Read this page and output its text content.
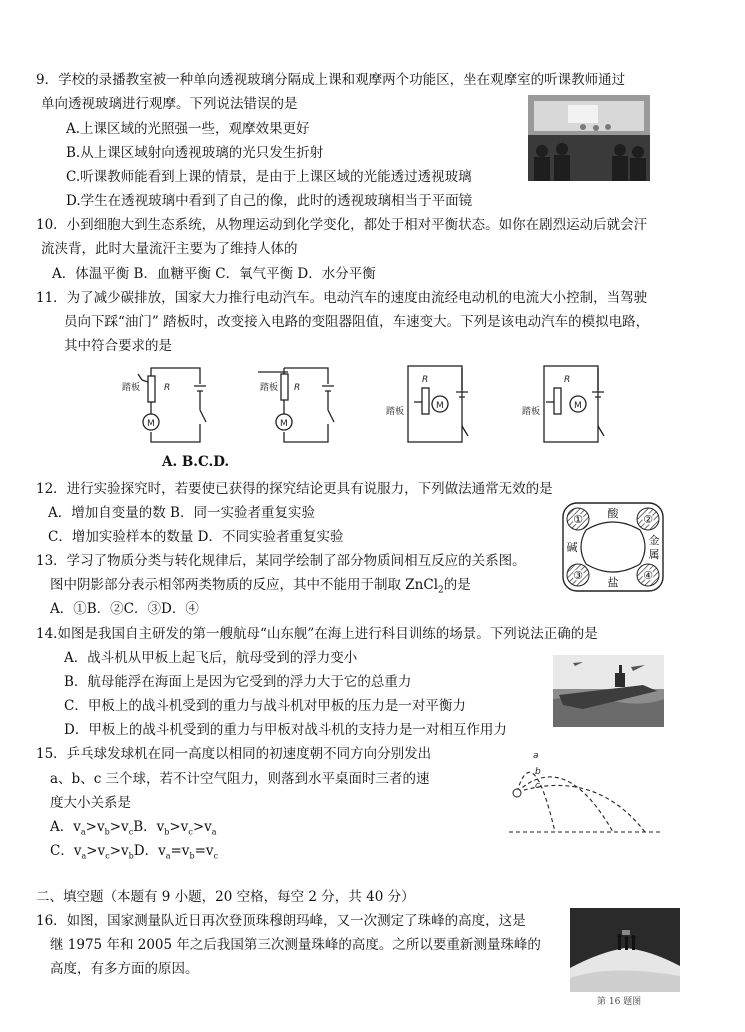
9．学校的录播教室被一种单向透视玻璃分隔成上课和观摩两个功能区，坐在观摩室的听课教师通过
单向透视玻璃进行观摩。下列说法错误的是
A.上课区域的光照强一些，观摩效果更好
B.从上课区域射向透视玻璃的光只发生折射
C.听课教师能看到上课的情景，是由于上课区域的光能透过透视玻璃
D.学生在透视玻璃中看到了自己的像，此时的透视玻璃相当于平面镜
10．小到细胞大到生态系统，从物理运动到化学变化，都处于相对平衡状态。如你在剧烈运动后就会汗
流浃背，此时大量流汗主要为了维持人体的
A．体温平衡 B．血糖平衡 C．氧气平衡 D．水分平衡
11．为了减少碳排放，国家大力推行电动汽车。电动汽车的速度由流经电动机的电流大小控制，当驾驶
员向下踩“油门” 踏板时，改变接入电路的变阻器阻值，车速变大。下列是该电动汽车的模拟电路，
其中符合要求的是
踏板	R
M
踏板 R
M
踏板
R
M
踏板
R
M
A. B.C.D.
12．进行实验探究时，若要使已获得的探究结论更具有说服力，下列做法通常无效的是
A．增加自变量的数 B．同一实验者重复实验
C．增加实验样本的数量 D．不同实验者重复实验
①	②
③	④
酸
碱
金
属
盐
13．学习了物质分类与转化规律后，某同学绘制了部分物质间相互反应的关系图。
图中阴影部分表示相邻两类物质的反应，其中不能用于制取 ZnCl$_2$的是
A．①B．②C．③D．④
14.如图是我国自主研发的第一艘航母“山东舰”在海上进行科目训练的场景。下列说法正确的是
A．战斗机从甲板上起飞后，航母受到的浮力变小
B．航母能浮在海面上是因为它受到的浮力大于它的总重力
C．甲板上的战斗机受到的重力与战斗机对甲板的压力是一对平衡力
D．甲板上的战斗机受到的重力与甲板对战斗机的支持力是一对相互作用力
15．乒乓球发球机在同一高度以相同的初速度朝不同方向分别发出
a、b、c 三个球，若不计空气阻力，则落到水平桌面时三者的速
度大小关系是
A．$v_a>v_b>v_cB$．$v_b>v_c>v_a$
C．$v_a>v_c>v_bD$．$v_a=v_b=v_c$
a
b
c
二、填空题（本题有 9 小题，20 空格，每空 2 分，共 40 分）
16．如图，国家测量队近日再次登顶珠穆朗玛峰，又一次测定了珠峰的高度，这是
继 1975 年和 2005 年之后我国第三次测量珠峰的高度。之所以要重新测量珠峰的
高度，有多方面的原因。
第 16 题图
